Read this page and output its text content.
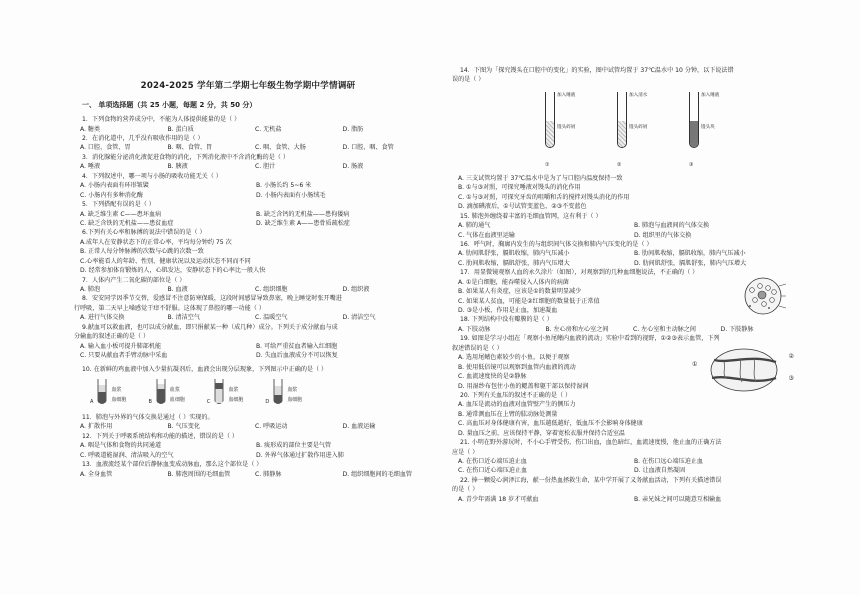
2024-2025 学年第二学期七年级生物学期中学情调研
一、 单项选择题（共 25 小题，每题 2 分，共 50 分）
1．下列食物的营养成分中，不能为人体提供能量的是（ ）
A. 糖类	B. 蛋白质	C. 无机盐	D. 脂肪
2．在消化道中，几乎没有吸收作用的是（ ）
A. 口腔、食管、胃	B. 咽、食管、胃	C. 咽、食管、大肠	D. 口腔、咽、食管
3．消化腺能分泌消化液促进食物的消化，下列消化液中不含消化酶的是（ ）
A. 唾液	B. 胰液	C. 胆汁	D. 肠液
4．下列叙述中，哪一项与小肠的吸收功能无关（ ）
A. 小肠内表面有环形皱襞	B. 小肠长约 5~6 米
C. 小肠内有多种消化酶	D. 小肠内表面有小肠绒毛
5．下列搭配有误的是（ ）
A. 缺乏维生素 C——患坏血病	B. 缺乏含钙的无机盐——患佝偻病
C. 缺乏含铁的无机盐——患贫血症	D. 缺乏维生素 A——患骨质疏松症
6.下列有关心率和脉搏的说法中错误的是（ ）
A.成年人在安静状态下的正常心率，平均每分钟约 75 次
B. 正常人每分钟脉搏的次数与心跳的次数一致
C.心率能看人的年龄、性别、健康状况以及运动状态不同而不同
D. 经常参加体育锻炼的人，心肌发达，安静状态下的心率比一般人快
7．人体内产生二氧化碳的部位是（ ）
A. 肺泡	B. 血液	C. 组织细胞	D. 组织液
8．安安同学因季节交替，爱感冒不注意防寒保暖，这段时间感冒导致鼻塞，晚上睡觉时张开嘴进
行呼吸，第二天早上嗓感觉干痒不舒服。这体现了鼻腔的哪一功能（ ）
A. 进行气体交换	B. 清洁空气	C. 温暖空气	D. 清洁空气
9.献血可以救血液，也可以成分献血，即只捐献某一种（成几种）成分。下列关于成分献血与成
分输血的叙述正确的是（ ）
A. 输入血小板可提升肺部机能	B. 可给严重贫血者输入红细胞
C. 只要从献血者手臂动脉中采血	D. 失血后血液成分不可以恢复
10. 在新鲜的鸡血液中加入少量抗凝剂后，血液会出现分层现象，下列图示中正确的是（ ）
A
血浆
血细胞	B
血浆
血细胞	C
血浆
血细胞	D
血浆
血细胞
11．肺泡与外界的气体交换是通过（ ）实现的。
A. 扩散作用	B. 气压变化	C. 呼吸运动	D. 血液运输
12．下列关于呼吸系统结构和功能的描述，错误的是（ ）
A. 咽是气体和食物的共同通道	B. 痰形成的部位主要是气管
C. 呼吸道能湿润、清洁吸入的空气	D. 外界气体通过扩散作用进入肺
13．血液流经某个部位后静脉血变成动脉血，那么这个部位是（ ）
A. 全身血管	B. 肺泡周围的毛细血管	C. 肺静脉	D. 组织细胞间的毛细血管
14．下图为「探究馒头在口腔中的变化」的实验，图中试管均置于 37℃温水中 10 分钟，以下说法错
误的是（ ）
加入唾液
馒头碎屑
①
加入清水
馒头碎屑
②
加入唾液
馒头块
③
A. 三支试管均置于 37℃温水中是为了与口腔内温度保持一致
B. ①与③对照，可探究唾液对馒头的消化作用
C. ①与③对照，可探究牙齿的咀嚼和舌的搅拌对馒头消化的作用
D. 滴加碘液后，①号试管变蓝色，②③不变蓝色
15. 肺泡外缠绕着丰富的毛细血管网，这有利于（ ）
A. 肺的通气	B. 肺泡与血液间的气体交换
C. 气体在血液里运输	D. 组织里的气体交换
16．呼气时，胸廓内发生的与组织间气体交换和肺内气压变化的是（ ）
A. 肋间肌舒张，膈肌收缩，肺内气压减小	B. 肋间肌收缩，膈肌收缩，肺内气压减小
C. 肋间肌收缩，膈肌舒张，肺内气压增大	D. 肋间肌舒张，膈肌舒张，肺内气压增大
17．用显微镜观察人血的永久涂片（如图），对观察到的几种血细胞说法，不正确的（ ）
A. ①是白细胞，能吞噬侵入人体内的病菌
B. 如果某人有炎症，应该是①的数量明显减少
C. 如果某人贫血，可能是②红细胞的数量低于正常值
D. ③是小板，作用是止血，加速凝血
18. 下列结构中没有瓣膜的是（ ）
A. 下肢动脉	B. 左心房和左心室之间	C. 左心室和主动脉之间	D. 下肢静脉
19. 如图是学习小组在「观察小鱼尾鳍内血液的流动」实验中看到的视野，①②③表示血管，下列
叙述错误的是（ ）
A. 选用尾鳍色素较少的小鱼，以便于观察
B. 使用低倍镜可以观察到血管内血液的流动
C. 血流速度快的是②静脉
D. 用湿纱布包住小鱼的鳃盖和躯干部以保持湿润
①
②
③
20. 下列有关血压的叙述不正确的是（ ）
A. 血压是流动的血液对血管壁产生的侧压力
B. 通常测血压在上臂的肱动脉处测量
C. 高血压对身体健康有害，血压越低越好，低血压不会影响身体健康
D. 量血压之前，应该保持平静，穿着宽松衣服并保持合适室温
21. 小明在野外游玩时，不小心手臂受伤，伤口出血，血色暗红，血流速度慢，他止血的正确方法
应是（ ）
A. 在伤口近心端压迫止血	B. 在伤口远心端压迫止血
C. 在伤口近心端压迫止血	D. 让血液自然凝固
22. 捧一颗爱心润泽江海，献一份热血拯救生命，某中学开展了义务献血活动，下列有关描述错误
的是（ ）
A. 青少年需满 18 岁才可献血	B. 亲兄妹之间可以随意互相输血
